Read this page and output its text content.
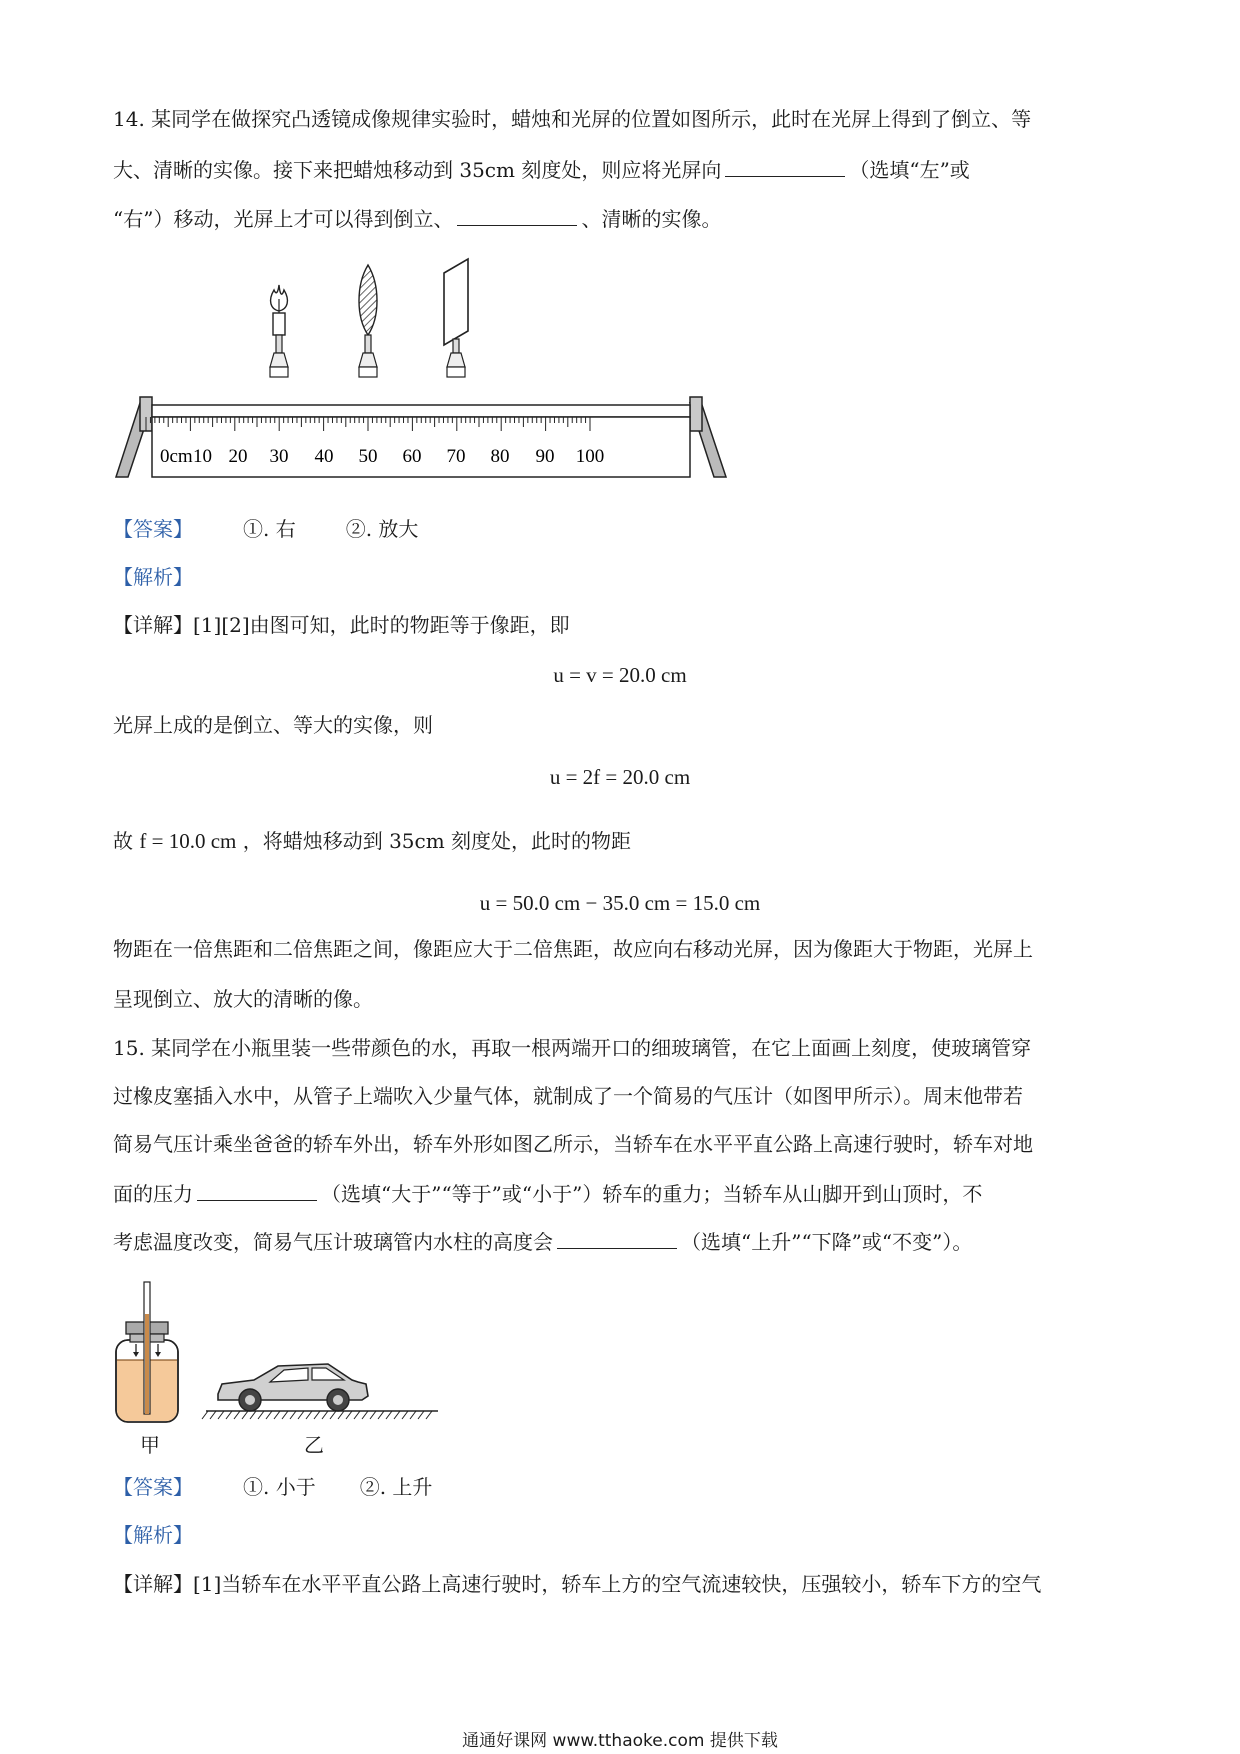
14. 某同学在做探究凸透镜成像规律实验时，蜡烛和光屏的位置如图所示，此时在光屏上得到了倒立、等
大、清晰的实像。接下来把蜡烛移动到 35cm 刻度处，则应将光屏向	（选填“左”或
“右”）移动，光屏上才可以得到倒立、	、清晰的实像。
0cm 10 20 30 40 50 60 70 80 90 100
【答案】	①. 右	②. 放大
【解析】
【详解】[1][2]由图可知，此时的物距等于像距，即
u = v = 20.0 cm
光屏上成的是倒立、等大的实像，则
u = 2f = 20.0 cm
故 f = 10.0 cm ，将蜡烛移动到 35cm 刻度处，此时的物距
u = 50.0 cm − 35.0 cm = 15.0 cm
物距在一倍焦距和二倍焦距之间，像距应大于二倍焦距，故应向右移动光屏，因为像距大于物距，光屏上
呈现倒立、放大的清晰的像。
15. 某同学在小瓶里装一些带颜色的水，再取一根两端开口的细玻璃管，在它上面画上刻度，使玻璃管穿
过橡皮塞插入水中，从管子上端吹入少量气体，就制成了一个简易的气压计（如图甲所示）。周末他带若
简易气压计乘坐爸爸的轿车外出，轿车外形如图乙所示，当轿车在水平平直公路上高速行驶时，轿车对地
面的压力	（选填“大于”“等于”或“小于”）轿车的重力；当轿车从山脚开到山顶时，不
考虑温度改变，简易气压计玻璃管内水柱的高度会	（选填“上升”“下降”或“不变”）。
甲	乙
【答案】	①. 小于 ②. 上升
【解析】
【详解】[1]当轿车在水平平直公路上高速行驶时，轿车上方的空气流速较快，压强较小，轿车下方的空气
通通好课网 www.tthaoke.com 提供下载
